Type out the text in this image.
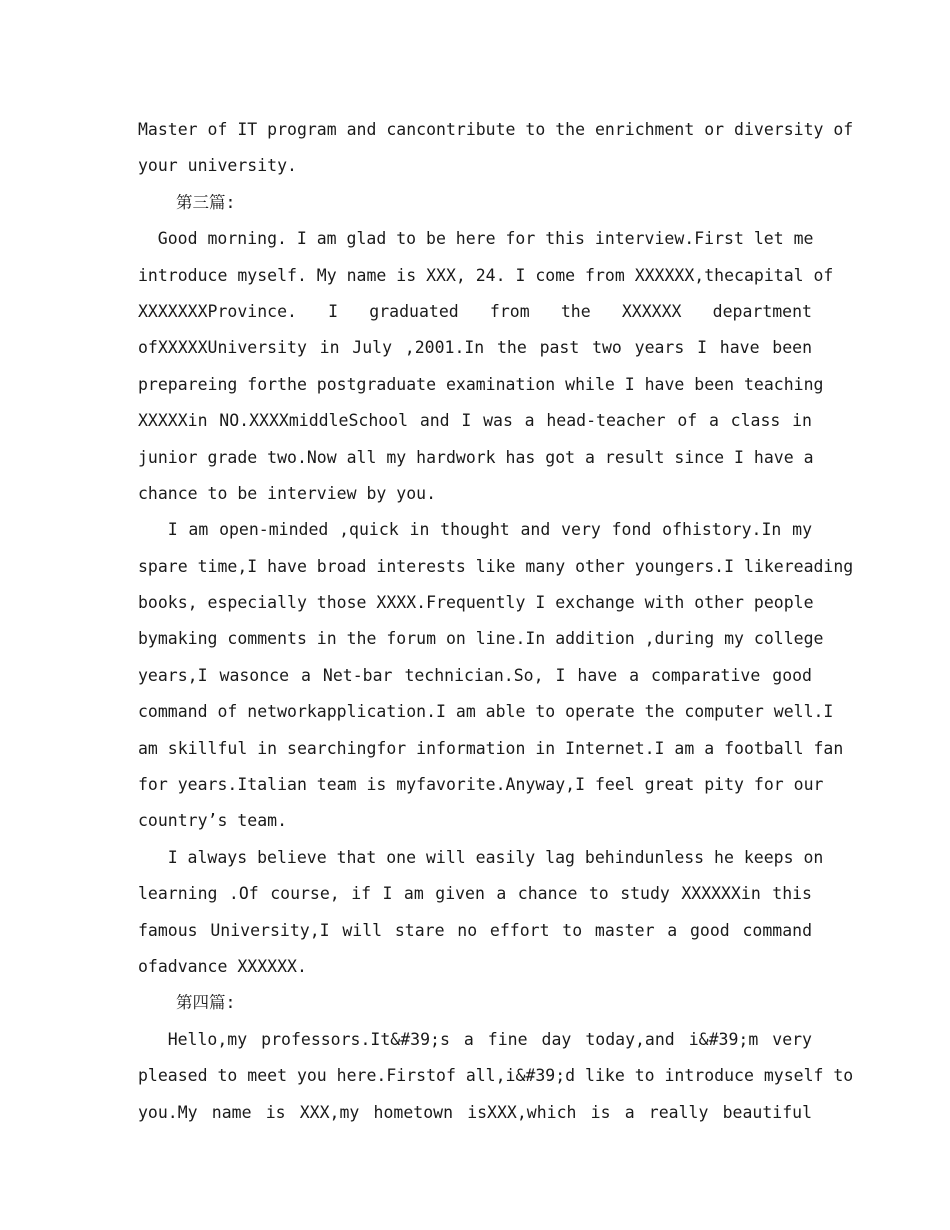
Master of IT program and cancontribute to the enrichment or diversity of
your university.
第三篇:
Good morning. I am glad to be here for this interview.First let me
introduce myself. My name is XXX, 24. I come from XXXXXX,thecapital of
XXXXXXXProvince. I graduated from the XXXXXX department
ofXXXXXUniversity in July ,2001.In the past two years I have been
prepareing forthe postgraduate examination while I have been teaching
XXXXXin NO.XXXXmiddleSchool and I was a head-teacher of a class in
junior grade two.Now all my hardwork has got a result since I have a
chance to be interview by you.
I am open-minded ,quick in thought and very fond ofhistory.In my
spare time,I have broad interests like many other youngers.I likereading
books, especially those XXXX.Frequently I exchange with other people
bymaking comments in the forum on line.In addition ,during my college
years,I wasonce a Net-bar technician.So, I have a comparative good
command of networkapplication.I am able to operate the computer well.I
am skillful in searchingfor information in Internet.I am a football fan
for years.Italian team is myfavorite.Anyway,I feel great pity for our
country’s team.
I always believe that one will easily lag behindunless he keeps on
learning .Of course, if I am given a chance to study XXXXXXin this
famous University,I will stare no effort to master a good command
ofadvance XXXXXX.
第四篇:
Hello,my professors.It&#39;s a fine day today,and i&#39;m very
pleased to meet you here.Firstof all,i&#39;d like to introduce myself to
you.My name is XXX,my hometown isXXX,which is a really beautiful
